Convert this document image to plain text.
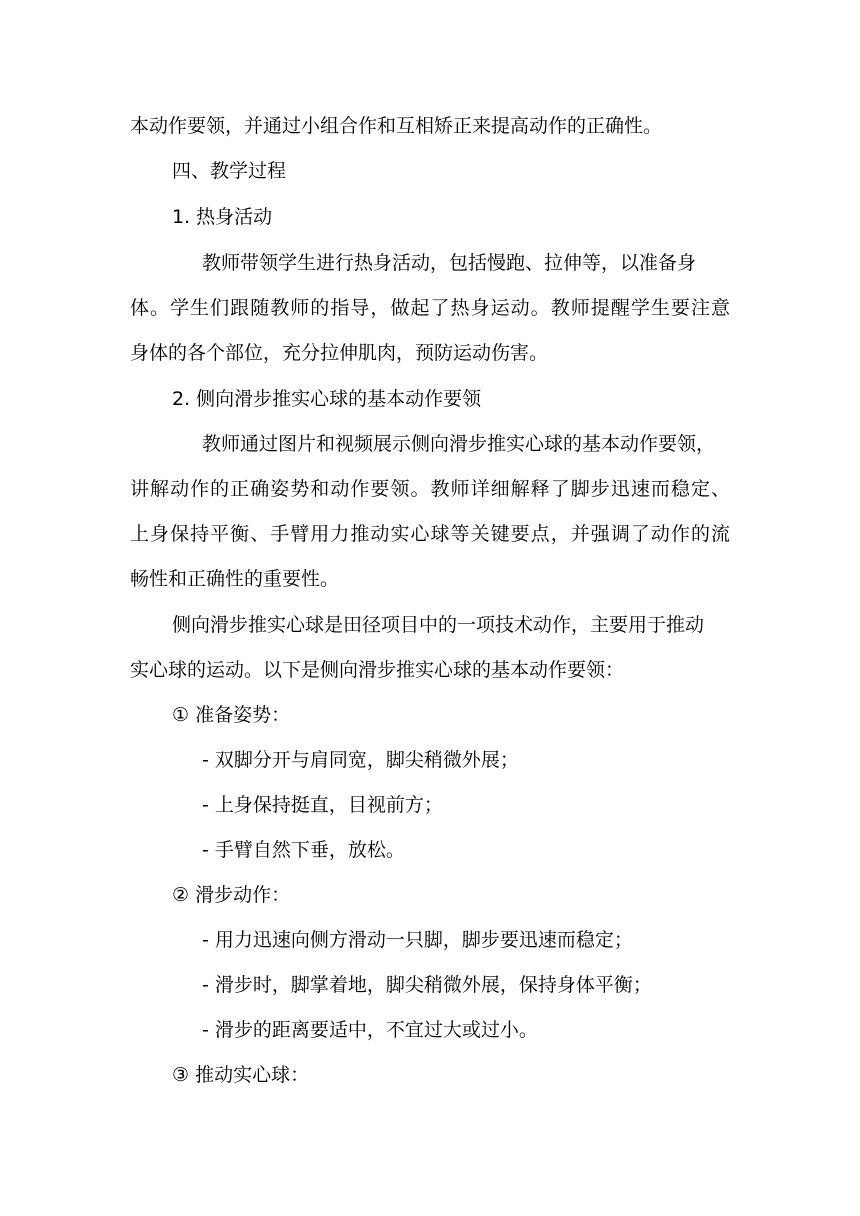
本动作要领，并通过小组合作和互相矫正来提高动作的正确性。
四、教学过程
1. 热身活动
教师带领学生进行热身活动，包括慢跑、拉伸等，以准备身
体。学生们跟随教师的指导，做起了热身运动。教师提醒学生要注意
身体的各个部位，充分拉伸肌肉，预防运动伤害。
2. 侧向滑步推实心球的基本动作要领
教师通过图片和视频展示侧向滑步推实心球的基本动作要领，
讲解动作的正确姿势和动作要领。教师详细解释了脚步迅速而稳定、
上身保持平衡、手臂用力推动实心球等关键要点，并强调了动作的流
畅性和正确性的重要性。
侧向滑步推实心球是田径项目中的一项技术动作，主要用于推动
实心球的运动。以下是侧向滑步推实心球的基本动作要领：
① 准备姿势：
- 双脚分开与肩同宽，脚尖稍微外展；
- 上身保持挺直，目视前方；
- 手臂自然下垂，放松。
② 滑步动作：
- 用力迅速向侧方滑动一只脚，脚步要迅速而稳定；
- 滑步时，脚掌着地，脚尖稍微外展，保持身体平衡；
- 滑步的距离要适中，不宜过大或过小。
③ 推动实心球：
